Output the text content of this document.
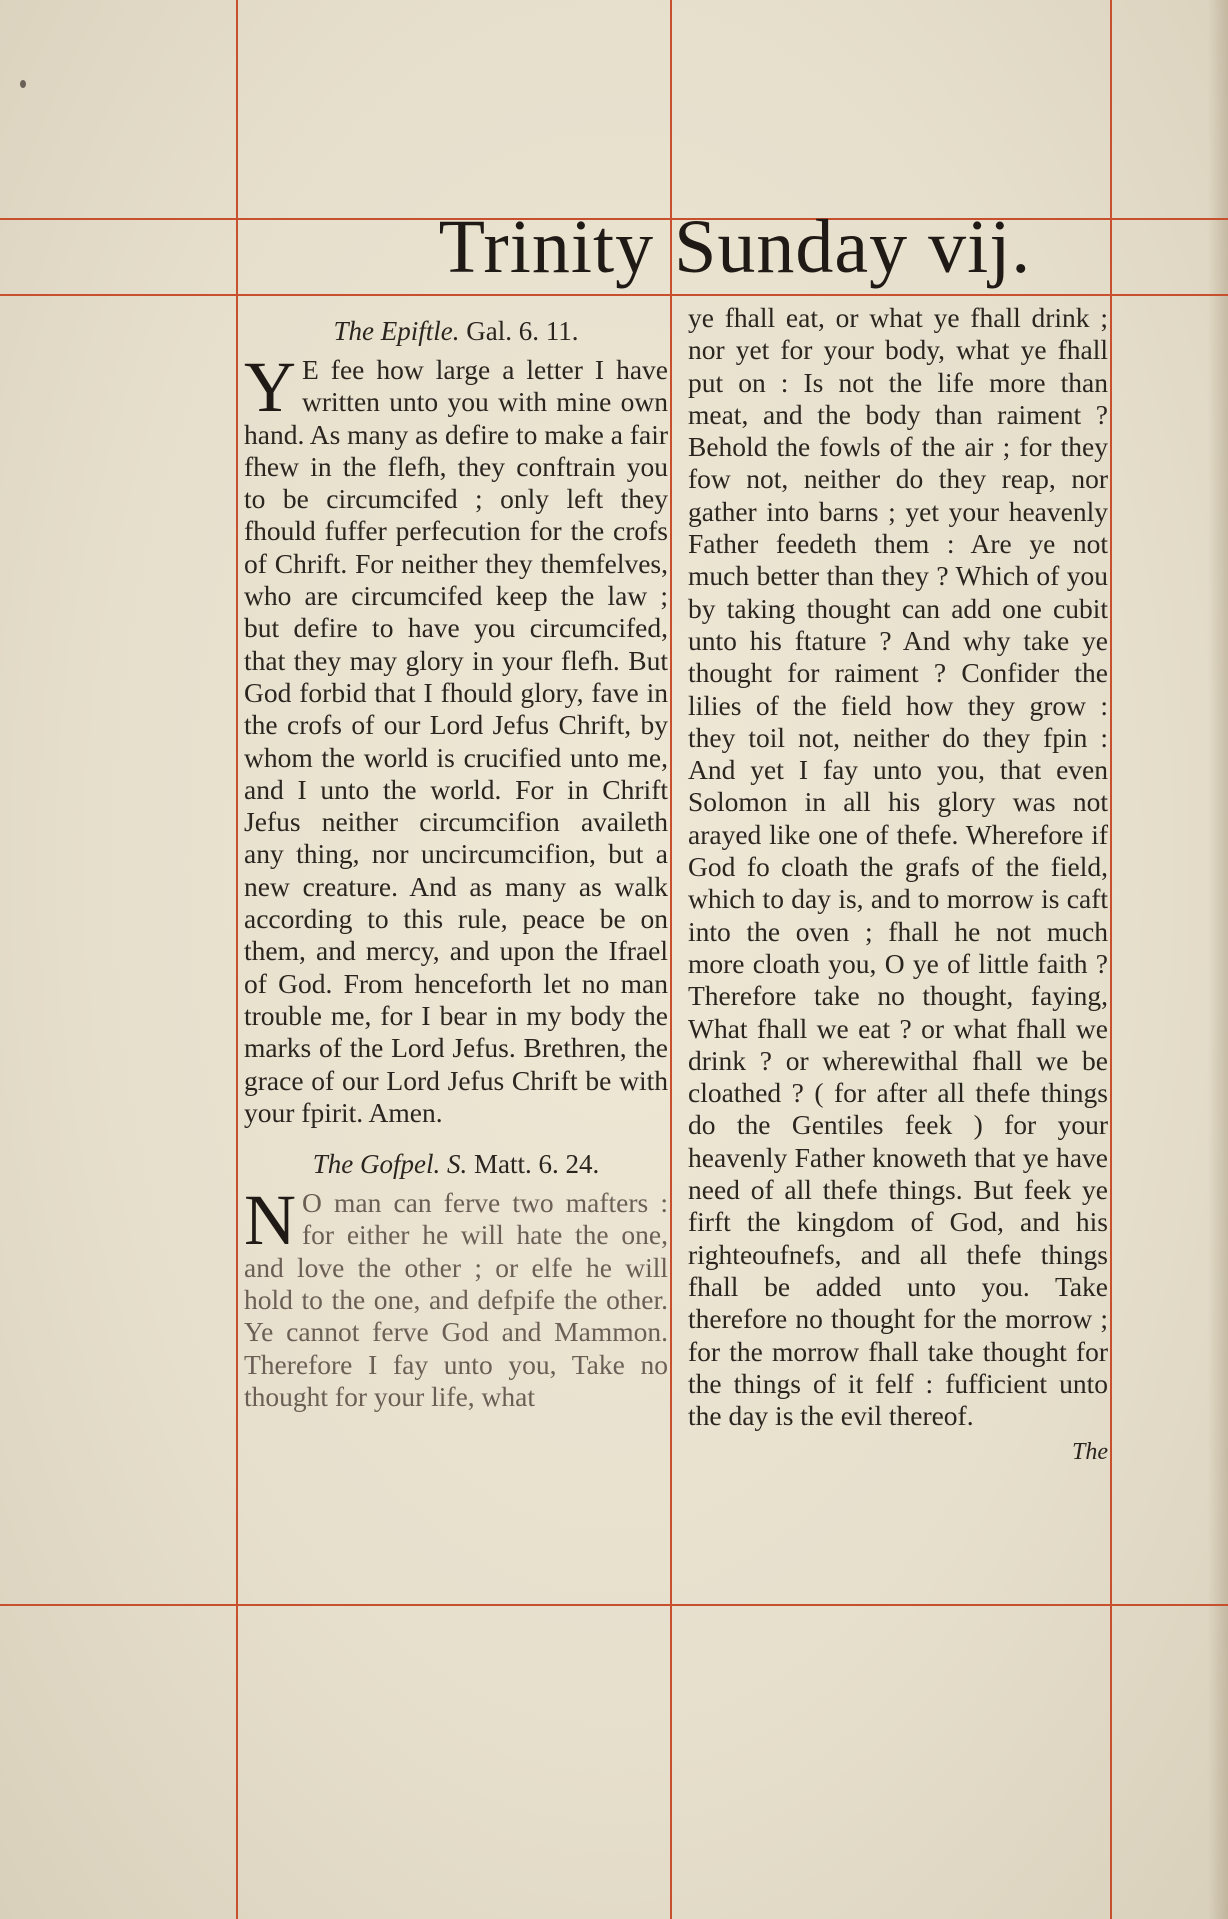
Trinity Sunday vij.
The Epiftle. Gal. 6. 11.

Y E fee how large a letter I have written unto you with mine own hand. As many as defire to make a fair fhew in the flefh, they conftrain you to be circumcifed ; only left they fhould fuffer perfecution for the crofs of Chrift. For neither they themfelves, who are circumcifed keep the law ; but defire to have you circumcifed, that they may glory in your flefh. But God forbid that I fhould glory, fave in the crofs of our Lord Jefus Chrift, by whom the world is crucified unto me, and I unto the world. For in Chrift Jefus neither circumcifion availeth any thing, nor uncircumcifion, but a new creature. And as many as walk according to this rule, peace be on them, and mercy, and upon the Ifrael of God. From henceforth let no man trouble me, for I bear in my body the marks of the Lord Jefus. Brethren, the grace of our Lord Jefus Chrift be with your fpirit. Amen.

The Gofpel. S. Matt. 6. 24.

N O man can ferve two mafters : for either he will hate the one, and love the other ; or elfe he will hold to the one, and defpife the other. Ye cannot ferve God and Mammon. Therefore I fay unto you, Take no thought for your life, what

ye fhall eat, or what ye fhall drink ; nor yet for your body, what ye fhall put on : Is not the life more than meat, and the body than raiment ? Behold the fowls of the air ; for they fow not, neither do they reap, nor gather into barns ; yet your heavenly Father feedeth them : Are ye not much better than they ? Which of you by taking thought can add one cubit unto his ftature ? And why take ye thought for raiment ? Confider the lilies of the field how they grow : they toil not, neither do they fpin : And yet I fay unto you, that even Solomon in all his glory was not arayed like one of thefe. Wherefore if God fo cloath the grafs of the field, which to day is, and to morrow is caft into the oven ; fhall he not much more cloath you, O ye of little faith ? Therefore take no thought, faying, What fhall we eat ? or what fhall we drink ? or wherewithal fhall we be cloathed ? ( for after all thefe things do the Gentiles feek ) for your heavenly Father knoweth that ye have need of all thefe things. But feek ye firft the kingdom of God, and his righteoufnefs, and all thefe things fhall be added unto you. Take therefore no thought for the morrow ; for the morrow fhall take thought for the things of it felf : fufficient unto the day is the evil thereof.

The
